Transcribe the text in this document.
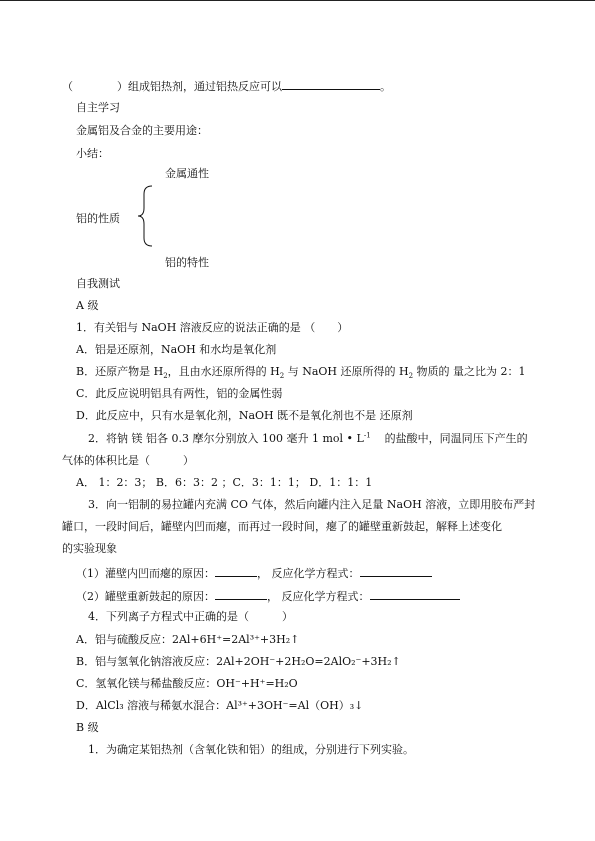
（	）组成铝热剂，通过铝热反应可以	。
自主学习
金属铝及合金的主要用途：
小结：
金属通性
铝的性质
铝的特性
自我测试
A 级
1．有关铝与 NaOH 溶液反应的说法正确的是 （　　）
A．铝是还原剂，NaOH 和水均是氧化剂
B．还原产物是 $H_2$，且由水还原所得的 $H_2$ 与 NaOH 还原所得的 $H_2$ 物质的 量之比为 2：1
C．此反应说明铝具有两性，铝的金属性弱
D．此反应中，只有水是氧化剂，NaOH 既不是氧化剂也不是 还原剂
2．将钠 镁 铝各 0.3 摩尔分别放入 100 毫升 1 mol • $L^{-1}$ 的盐酸中，同温同压下产生的
气体的体积比是（　　　）
A． 1：2：3； B．6：3：2 ；C．3：1：1； D．1：1：1
3．向一铝制的易拉罐内充满 CO 气体，然后向罐内注入足量 NaOH 溶液，立即用胶布严封
罐口，一段时间后，罐壁内凹而瘪，而再过一段时间，瘪了的罐壁重新鼓起，解释上述变化
的实验现象
（1）灌壁内凹而瘪的原因：	， 反应化学方程式：
（2）罐壁重新鼓起的原因：	， 反应化学方程式：
4．下列离子方程式中正确的是（　　　）
A．铝与硫酸反应：2Al+6H⁺=2Al³⁺+3H₂↑
B．铝与氢氧化钠溶液反应：2Al+2OH⁻+2H₂O=2AlO₂⁻+3H₂↑
C．氢氧化镁与稀盐酸反应：OH⁻+H⁺=H₂O
D．AlCl₃ 溶液与稀氨水混合：Al³⁺+3OH⁻=Al（OH）₃↓
B 级
1．为确定某铝热剂（含氧化铁和铝）的组成，分别进行下列实验。
